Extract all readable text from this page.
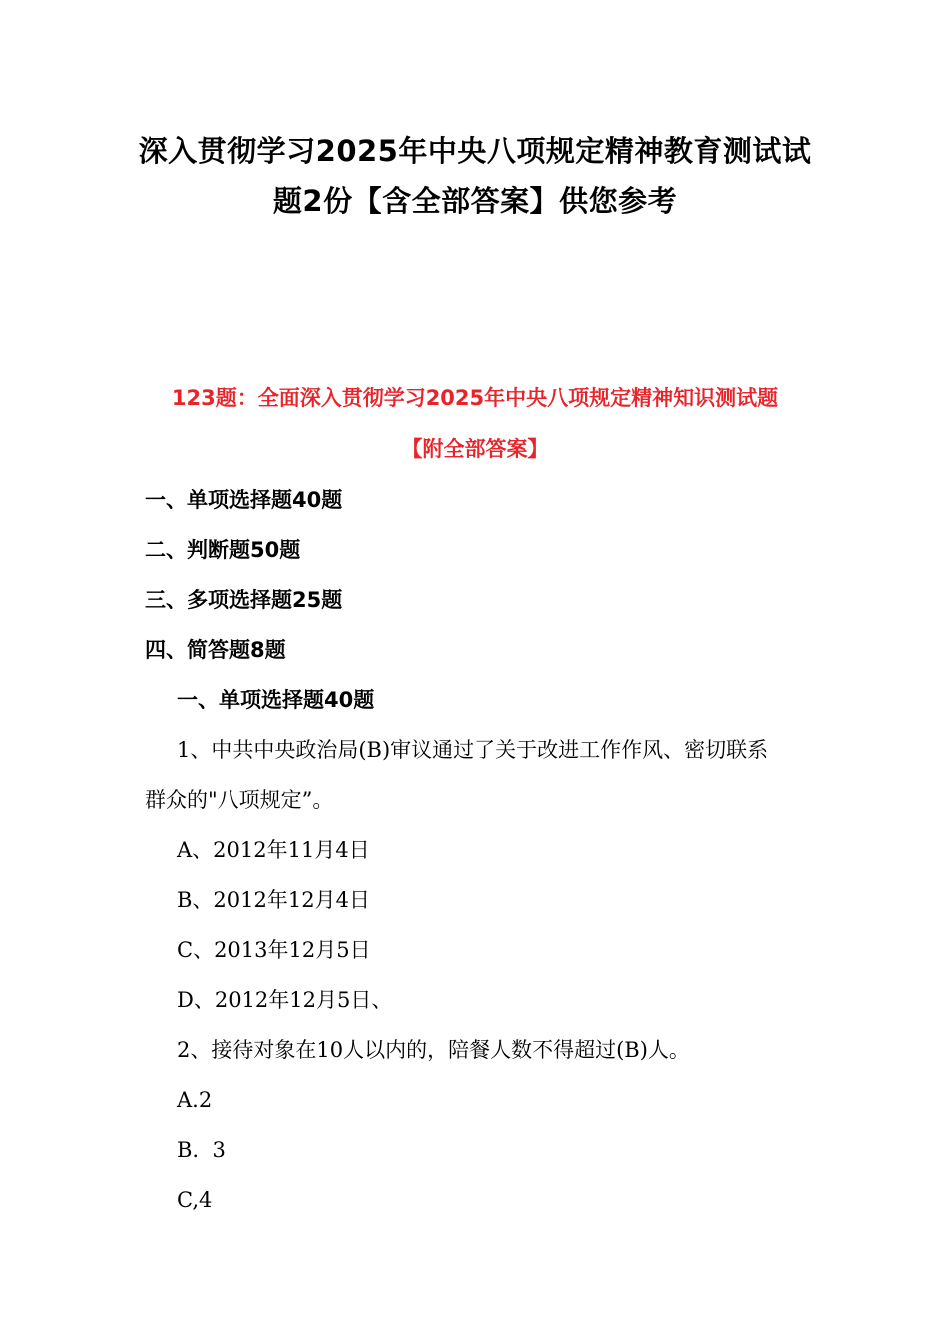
深入贯彻学习2025年中央八项规定精神教育测试试
题2份【含全部答案】供您参考
123题：全面深入贯彻学习2025年中央八项规定精神知识测试题
【附全部答案】
一、单项选择题40题
二、判断题50题
三、多项选择题25题
四、简答题8题
一、单项选择题40题
1、中共中央政治局(B)审议通过了关于改进工作作风、密切联系
群众的"八项规定”。
A、2012年11月4日
B、2012年12月4日
C、2013年12月5日
D、2012年12月5日、
2、接待对象在10人以内的，陪餐人数不得超过(B)人。
A.2
B.  3
C,4
